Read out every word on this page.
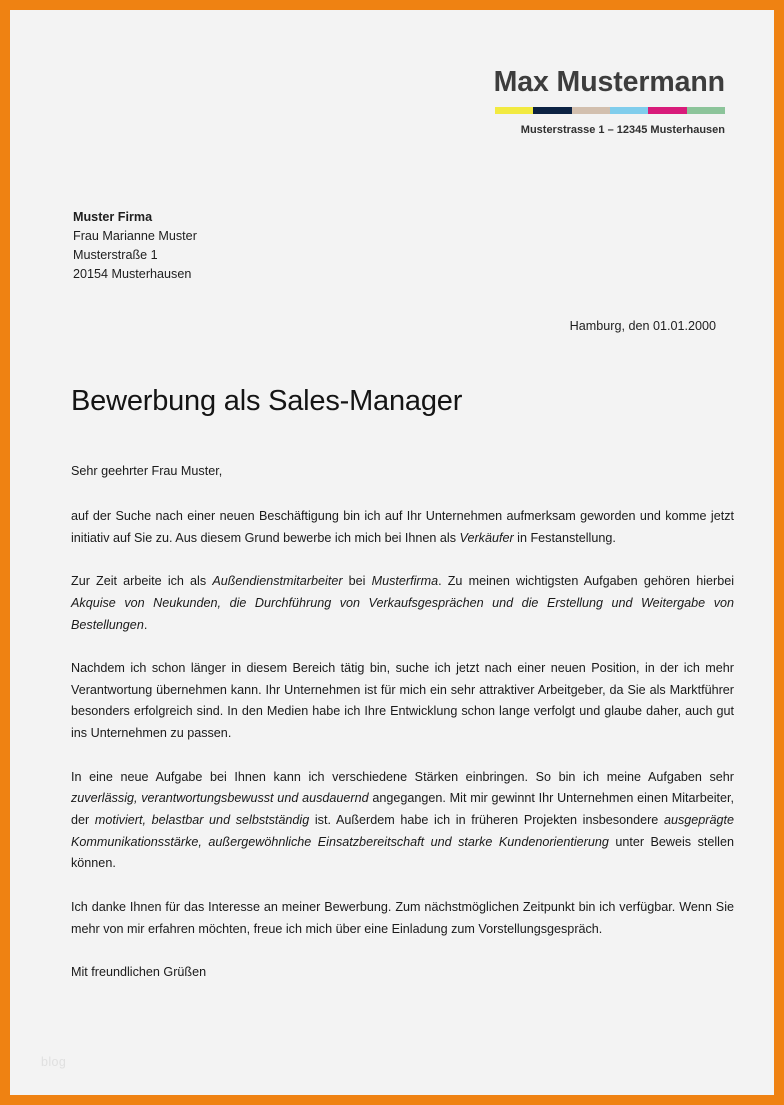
Max Mustermann
Musterstrasse 1 – 12345 Musterhausen
Muster Firma
Frau Marianne Muster
Musterstraße 1
20154 Musterhausen
Hamburg, den 01.01.2000
Bewerbung als Sales-Manager
Sehr geehrter Frau Muster,
auf der Suche nach einer neuen Beschäftigung bin ich auf Ihr Unternehmen aufmerksam geworden und komme jetzt initiativ auf Sie zu. Aus diesem Grund bewerbe ich mich bei Ihnen als Verkäufer in Festanstellung.
Zur Zeit arbeite ich als Außendienstmitarbeiter bei Musterfirma. Zu meinen wichtigsten Aufgaben gehören hierbei Akquise von Neukunden, die Durchführung von Verkaufsgesprächen und die Erstellung und Weitergabe von Bestellungen.
Nachdem ich schon länger in diesem Bereich tätig bin, suche ich jetzt nach einer neuen Position, in der ich mehr Verantwortung übernehmen kann. Ihr Unternehmen ist für mich ein sehr attraktiver Arbeitgeber, da Sie als Marktführer besonders erfolgreich sind. In den Medien habe ich Ihre Entwicklung schon lange verfolgt und glaube daher, auch gut ins Unternehmen zu passen.
In eine neue Aufgabe bei Ihnen kann ich verschiedene Stärken einbringen. So bin ich meine Aufgaben sehr zuverlässig, verantwortungsbewusst und ausdauernd angegangen. Mit mir gewinnt Ihr Unternehmen einen Mitarbeiter, der motiviert, belastbar und selbstständig ist. Außerdem habe ich in früheren Projekten insbesondere ausgeprägte Kommunikationsstärke, außergewöhnliche Einsatzbereitschaft und starke Kundenorientierung unter Beweis stellen können.
Ich danke Ihnen für das Interesse an meiner Bewerbung. Zum nächstmöglichen Zeitpunkt bin ich verfügbar. Wenn Sie mehr von mir erfahren möchten, freue ich mich über eine Einladung zum Vorstellungsgespräch.
Mit freundlichen Grüßen
blog
